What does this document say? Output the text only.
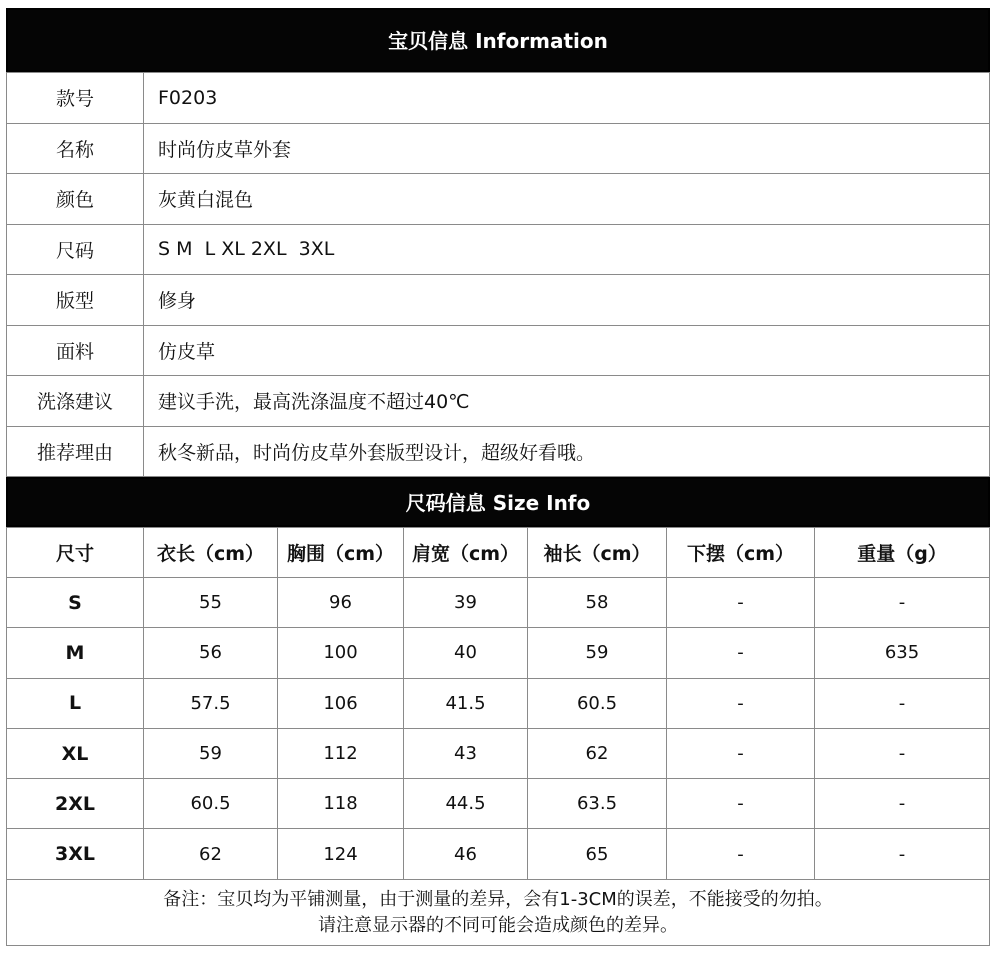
宝贝信息 Information
款号	F0203
名称	时尚仿皮草外套
颜色	灰黄白混色
尺码	S M  L XL 2XL  3XL
版型	修身
面料	仿皮草
洗涤建议	建议手洗，最高洗涤温度不超过40℃
推荐理由	秋冬新品，时尚仿皮草外套版型设计，超级好看哦。
尺码信息 Size Info
尺寸	衣长（cm）	胸围（cm）	肩宽（cm）	袖长（cm）	下摆（cm）	重量（g）
S	55	96	39	58	-	-
M	56	100	40	59	-	635
L	57.5	106	41.5	60.5	-	-
XL	59	112	43	62	-	-
2XL	60.5	118	44.5	63.5	-	-
3XL	62	124	46	65	-	-
备注：宝贝均为平铺测量，由于测量的差异，会有1-3CM的误差，不能接受的勿拍。
请注意显示器的不同可能会造成颜色的差异。
